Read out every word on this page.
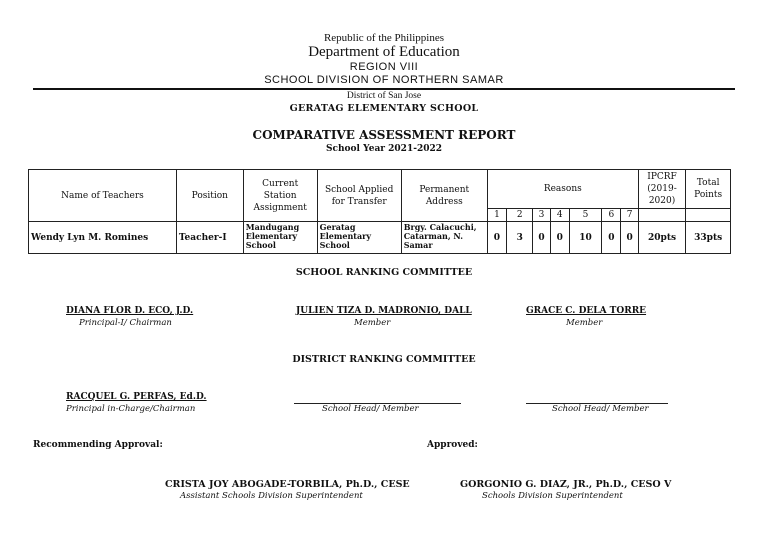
Republic of the Philippines
Department of Education
REGION VIII
SCHOOL DIVISION OF NORTHERN SAMAR
District of San Jose
GERATAG ELEMENTARY SCHOOL
COMPARATIVE ASSESSMENT REPORT
School Year 2021-2022
Name of Teachers	Position	Current Station Assignment	School Applied for Transfer	Permanent Address	Reasons							IPCRF (2019-2020)	Total Points
					1	2	3	4	5	6	7		
Wendy Lyn M. Romines	Teacher-I	Mandugang Elementary School	Geratag Elementary School	Brgy. Calacuchi, Catarman, N. Samar	0	3	0	0	10	0	0	20pts	33pts
SCHOOL RANKING COMMITTEE
DIANA FLOR D. ECO, J.D.
Principal-I/ Chairman
JULIEN TIZA D. MADRONIO, DALL
Member
GRACE C. DELA TORRE
Member
DISTRICT RANKING COMMITTEE
RACQUEL G. PERFAS, Ed.D.
Principal in-Charge/Chairman	School Head/ Member	School Head/ Member
Recommending Approval:	Approved:
CRISTA JOY ABOGADE-TORBILA, Ph.D., CESE
Assistant Schools Division Superintendent
GORGONIO G. DIAZ, JR., Ph.D., CESO V
Schools Division Superintendent
